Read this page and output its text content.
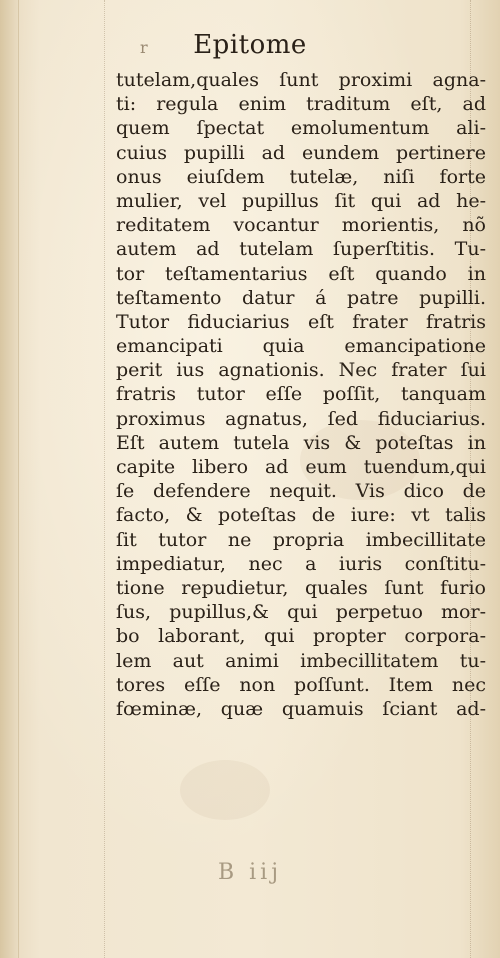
r Epitome
tutelam,quales ſunt proximi agna-
ti: regula enim traditum eſt, ad
quem ſpectat emolumentum ali-
cuius pupilli ad eundem pertinere
onus eiuſdem tutelæ, niſi forte
mulier, vel pupillus ſit qui ad he-
reditatem vocantur morientis, nõ
autem ad tutelam ſuperſtitis. Tu-
tor teſtamentarius eſt quando in
teſtamento datur á patre pupilli.
Tutor fiduciarius eſt frater fratris
emancipati quia emancipatione
perit ius agnationis. Nec frater ſui
fratris tutor eſſe poſſit, tanquam
proximus agnatus, ſed fiduciarius.
Eſt autem tutela vis & poteſtas in
capite libero ad eum tuendum,qui
ſe defendere nequit. Vis dico de
facto, & poteſtas de iure: vt talis
ſit tutor ne propria imbecillitate
impediatur, nec a iuris conſtitu-
tione repudietur, quales ſunt furio
ſus, pupillus,& qui perpetuo mor-
bo laborant, qui propter corpora-
lem aut animi imbecillitatem tu-
tores eſſe non poſſunt. Item nec
fœminæ, quæ quamuis ſciant ad-
B iij
